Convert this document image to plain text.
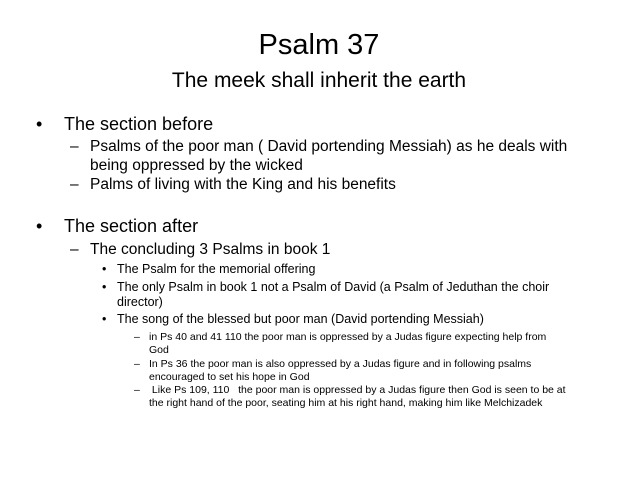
Psalm 37
The meek shall inherit the earth
• The section before
– Psalms of the poor man ( David portending Messiah) as he deals with
being oppressed by the wicked
– Palms of living with the King and his benefits
• The section after
– The concluding 3 Psalms in book 1
• The Psalm for the memorial offering
• The only Psalm in book 1 not a Psalm of David (a Psalm of Jeduthan the choir
director)
• The song of the blessed but poor man (David portending Messiah)
– in Ps 40 and 41 110 the poor man is oppressed by a Judas figure expecting help from
God
– In Ps 36 the poor man is also oppressed by a Judas figure and in following psalms
encouraged to set his hope in God
– Like Ps 109, 110   the poor man is oppressed by a Judas figure then God is seen to be at
the right hand of the poor, seating him at his right hand, making him like Melchizadek
